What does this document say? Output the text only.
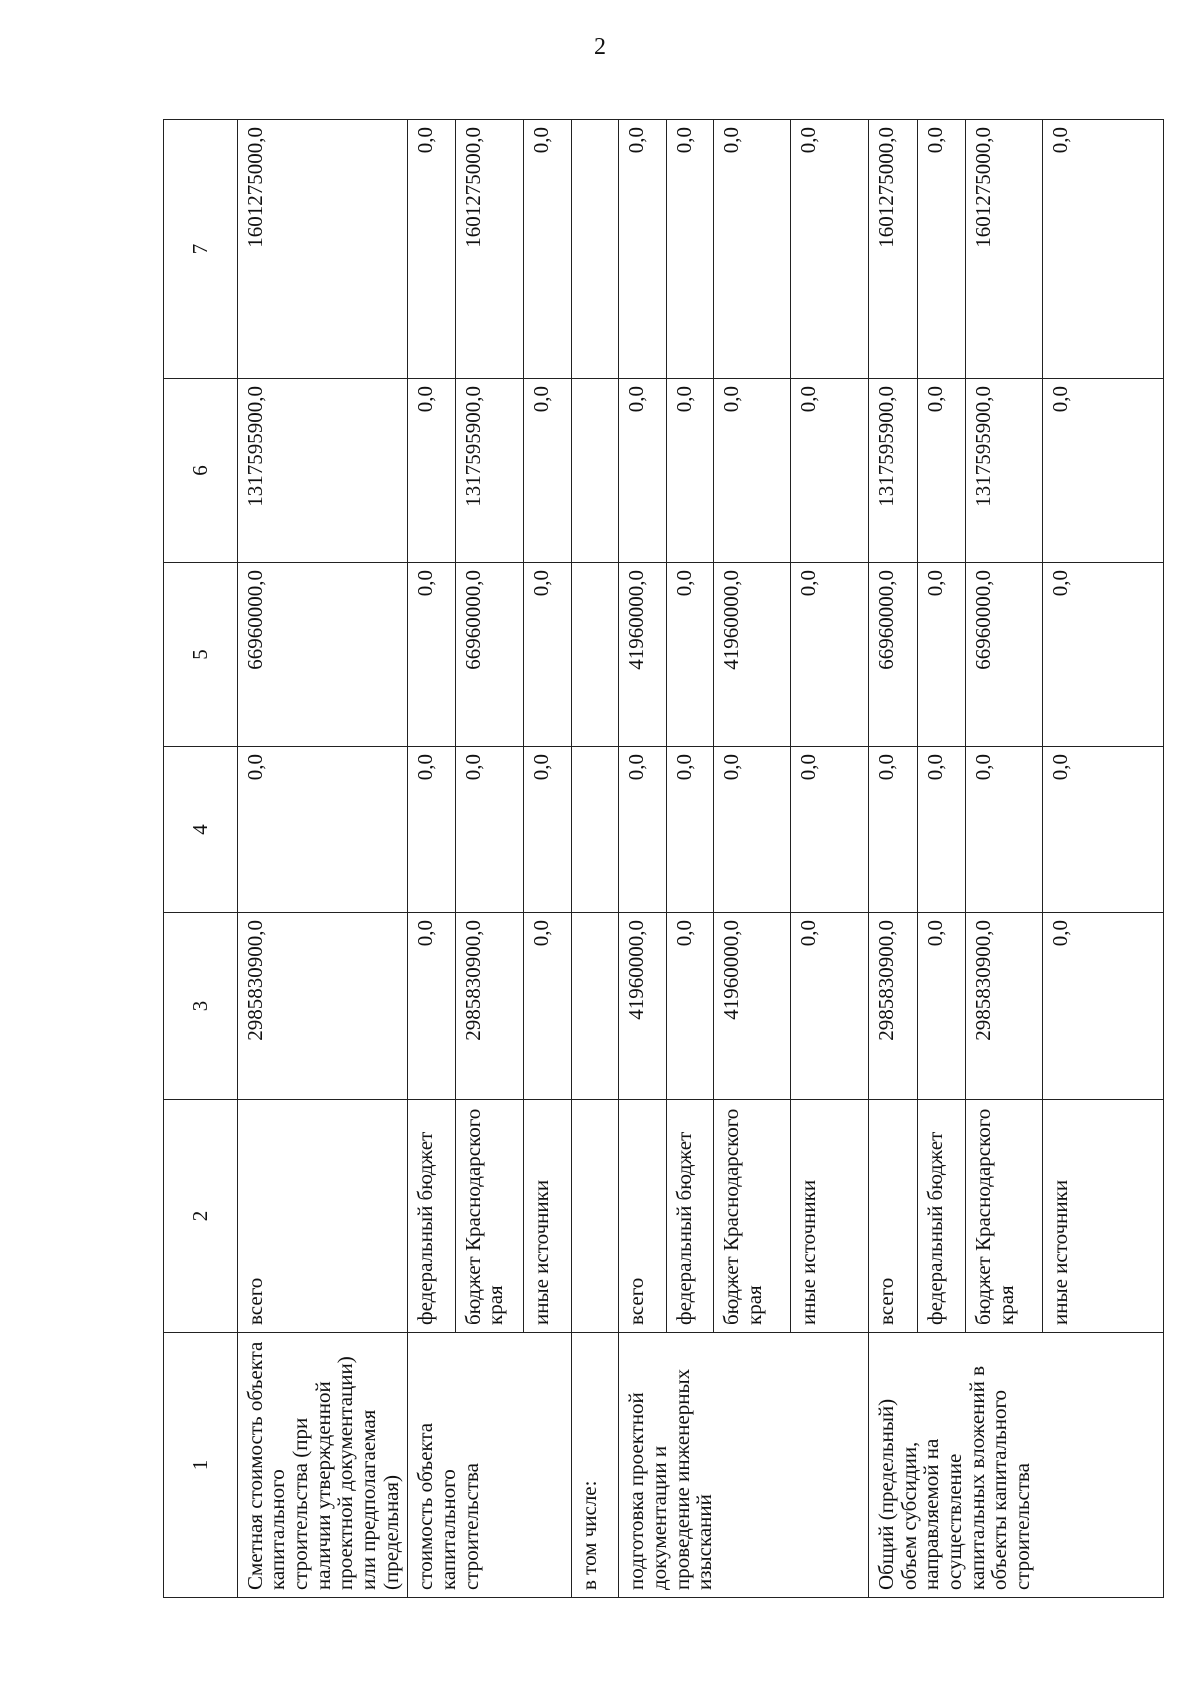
2
1	2	3	4	5	6	7
Сметная стоимость объекта капитального строительства (при наличии утвержденной проектной документации) или предполагаемая (предельная)	всего	2985830900,0	0,0	66960000,0	1317595900,0	1601275000,0
стоимость объекта капитального строительства	федеральный бюджет	0,0	0,0	0,0	0,0	0,0
	бюджет Краснодарского края	2985830900,0	0,0	66960000,0	1317595900,0	1601275000,0
	иные источники	0,0	0,0	0,0	0,0	0,0
в том числе:						
подготовка проектной документации и проведение инженерных изысканий	всего	41960000,0	0,0	41960000,0	0,0	0,0
	федеральный бюджет	0,0	0,0	0,0	0,0	0,0
	бюджет Краснодарского края	41960000,0	0,0	41960000,0	0,0	0,0
	иные источники	0,0	0,0	0,0	0,0	0,0
Общий (предельный) объем субсидии, направляемой на осуществление капитальных вложений в объекты капитального строительства	всего	2985830900,0	0,0	66960000,0	1317595900,0	1601275000,0
	федеральный бюджет	0,0	0,0	0,0	0,0	0,0
	бюджет Краснодарского края	2985830900,0	0,0	66960000,0	1317595900,0	1601275000,0
	иные источники	0,0	0,0	0,0	0,0	0,0
